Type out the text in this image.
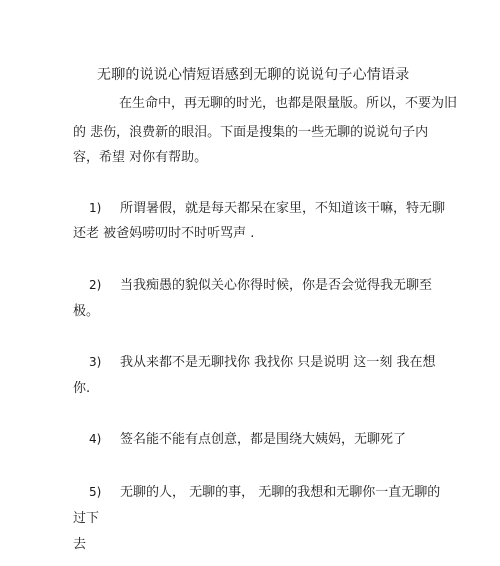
无聊的说说心情短语感到无聊的说说句子心情语录
在生命中，再无聊的时光，也都是限量版。所以，不要为旧
的 悲伤，浪费新的眼泪。下面是搜集的一些无聊的说说句子内
容，希望 对你有帮助。
1) 所谓暑假，就是每天都呆在家里，不知道该干嘛，特无聊
还老 被爸妈唠叨时不时听骂声 .
2) 当我痴愚的貌似关心你得时候，你是否会觉得我无聊至
极。
3) 我从来都不是无聊找你 我找你 只是说明 这一刻 我在想
你.
4) 签名能不能有点创意，都是围绕大姨妈，无聊死了
5) 无聊的人， 无聊的事， 无聊的我想和无聊你一直无聊的
过下
去
